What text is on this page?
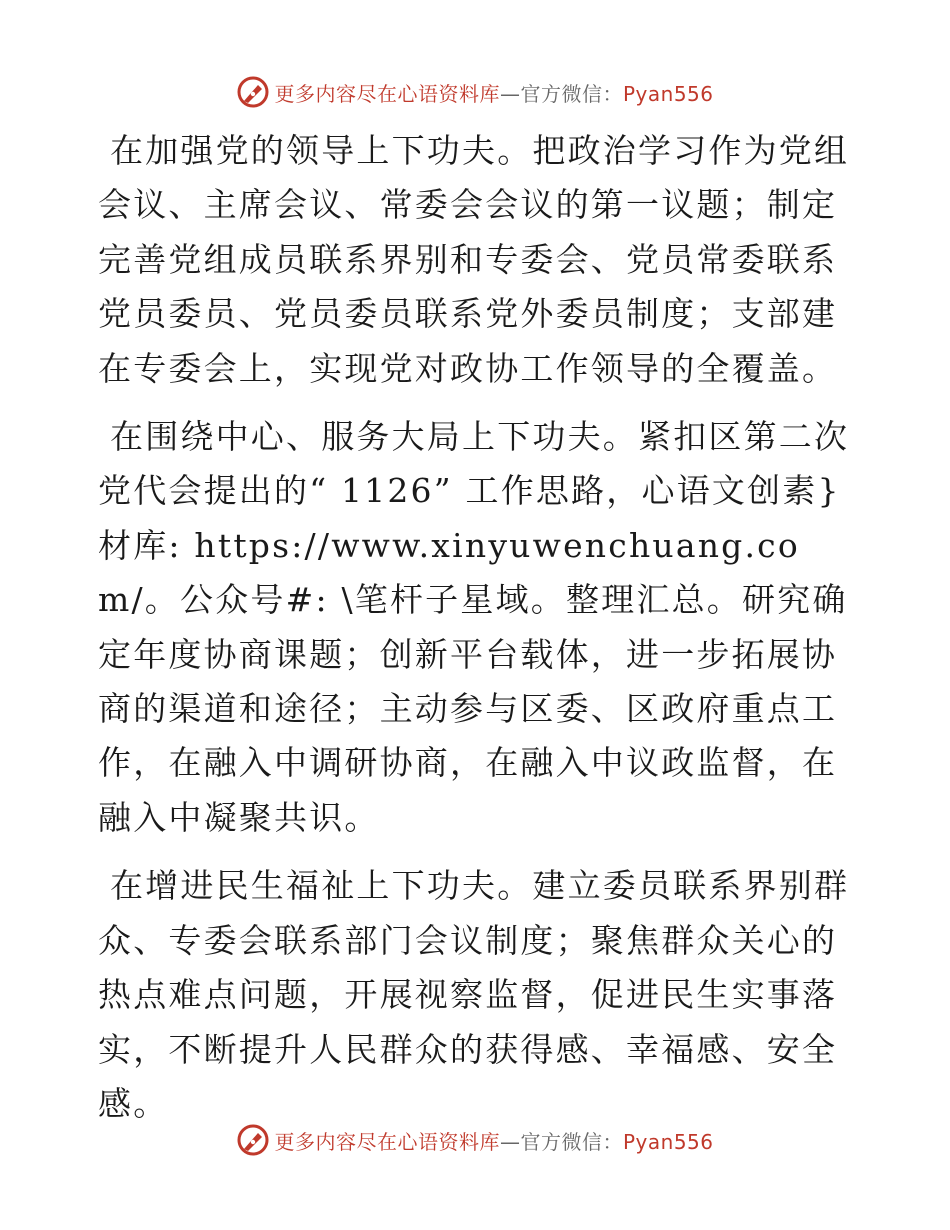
更多内容尽在心语资料库—官方微信：Pyan556

在加强党的领导上下功夫。把政治学习作为党组会议、主席会议、常委会会议的第一议题；制定完善党组成员联系界别和专委会、党员常委联系党员委员、党员委员联系党外委员制度；支部建在专委会上，实现党对政协工作领导的全覆盖。

在围绕中心、服务大局上下功夫。紧扣区第二次党代会提出的“ 1126” 工作思路，心语文创素}材库: https://www.xinyuwenchuang.com/。公众号#: \笔杆子星域。整理汇总。研究确定年度协商课题；创新平台载体，进一步拓展协商的渠道和途径；主动参与区委、区政府重点工作，在融入中调研协商，在融入中议政监督，在融入中凝聚共识。

在增进民生福祉上下功夫。建立委员联系界别群众、专委会联系部门会议制度；聚焦群众关心的热点难点问题，开展视察监督，促进民生实事落实，不断提升人民群众的获得感、幸福感、安全感。

更多内容尽在心语资料库—官方微信：Pyan556
